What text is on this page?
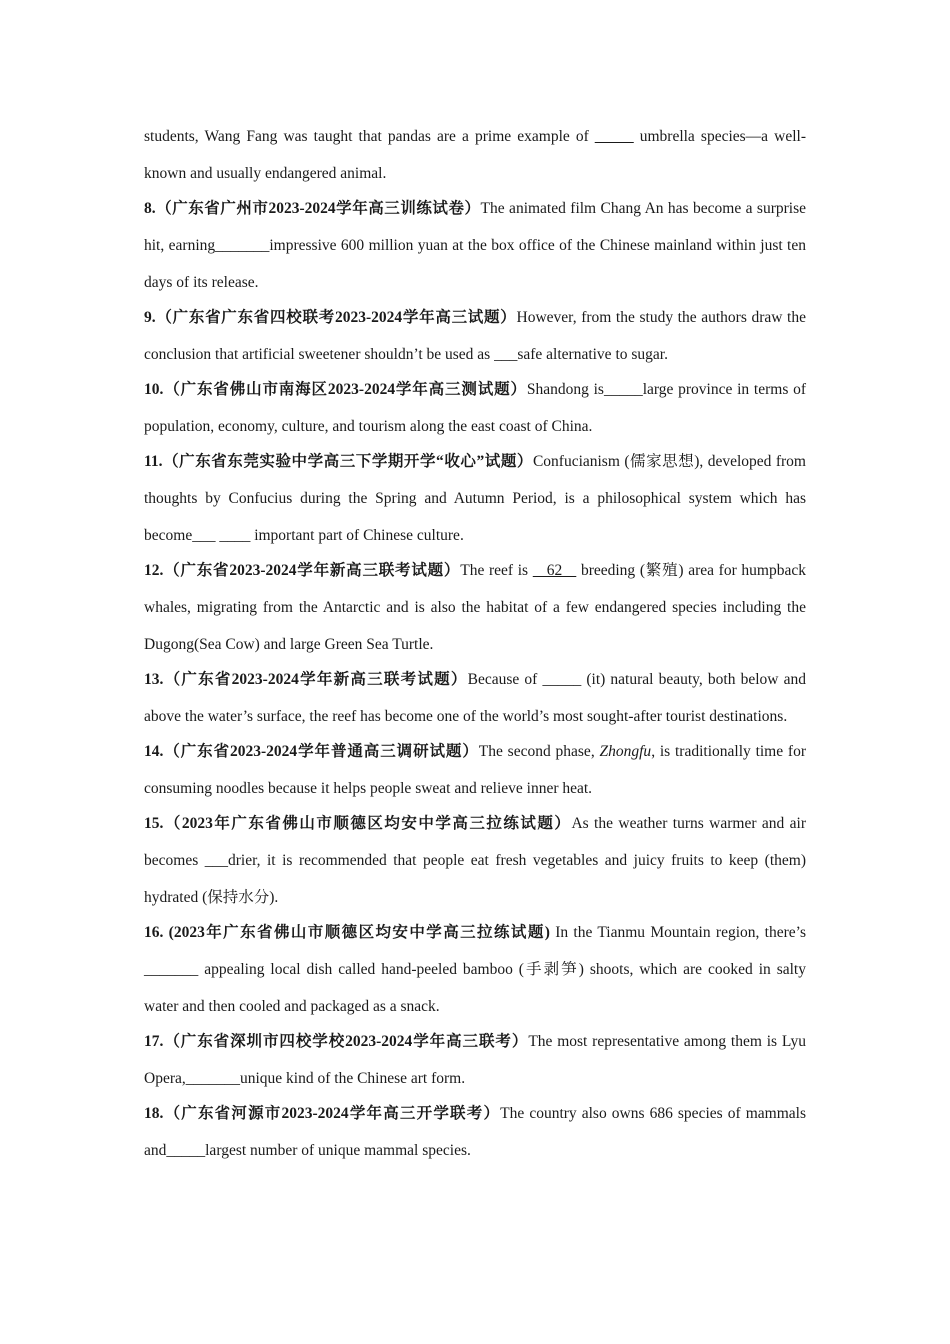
students, Wang Fang was taught that pandas are a prime example of _____ umbrella species—a well-known and usually endangered animal.

8.（广东省广州市2023-2024学年高三训练试卷）The animated film Chang An has become a surprise hit, earning_______impressive 600 million yuan at the box office of the Chinese mainland within just ten days of its release.

9.（广东省广东省四校联考2023-2024学年高三试题）However, from the study the authors draw the conclusion that artificial sweetener shouldn’t be used as ___safe alternative to sugar.

10.（广东省佛山市南海区2023-2024学年高三测试题）Shandong is_____large province in terms of population, economy, culture, and tourism along the east coast of China.

11.（广东省东莞实验中学高三下学期开学“收心”试题）Confucianism (儒家思想), developed from thoughts by Confucius during the Spring and Autumn Period, is a philosophical system which has become___ ____ important part of Chinese culture.

12.（广东省2023-2024学年新高三联考试题）The reef is    62    breeding (繁殖) area for humpback whales, migrating from the Antarctic and is also the habitat of a few endangered species including the Dugong(Sea Cow) and large Green Sea Turtle.

13.（广东省2023-2024学年新高三联考试题）Because of _____ (it) natural beauty, both below and above the water’s surface, the reef has become one of the world’s most sought-after tourist destinations.

14.（广东省2023-2024学年普通高三调研试题）The second phase, Zhongfu, is traditionally time for consuming noodles because it helps people sweat and relieve inner heat.

15.（2023年广东省佛山市顺德区均安中学高三拉练试题）As the weather turns warmer and air becomes ___drier, it is recommended that people eat fresh vegetables and juicy fruits to keep (them) hydrated (保持水分).

16. (2023年广东省佛山市顺德区均安中学高三拉练试题) In the Tianmu Mountain region, there’s _______ appealing local dish called hand-peeled bamboo (手剥笋) shoots, which are cooked in salty water and then cooled and packaged as a snack.

17.（广东省深圳市四校学校2023-2024学年高三联考）The most representative among them is Lyu Opera,_______unique kind of the Chinese art form.

18.（广东省河源市2023-2024学年高三开学联考）The country also owns 686 species of mammals and_____largest number of unique mammal species.
